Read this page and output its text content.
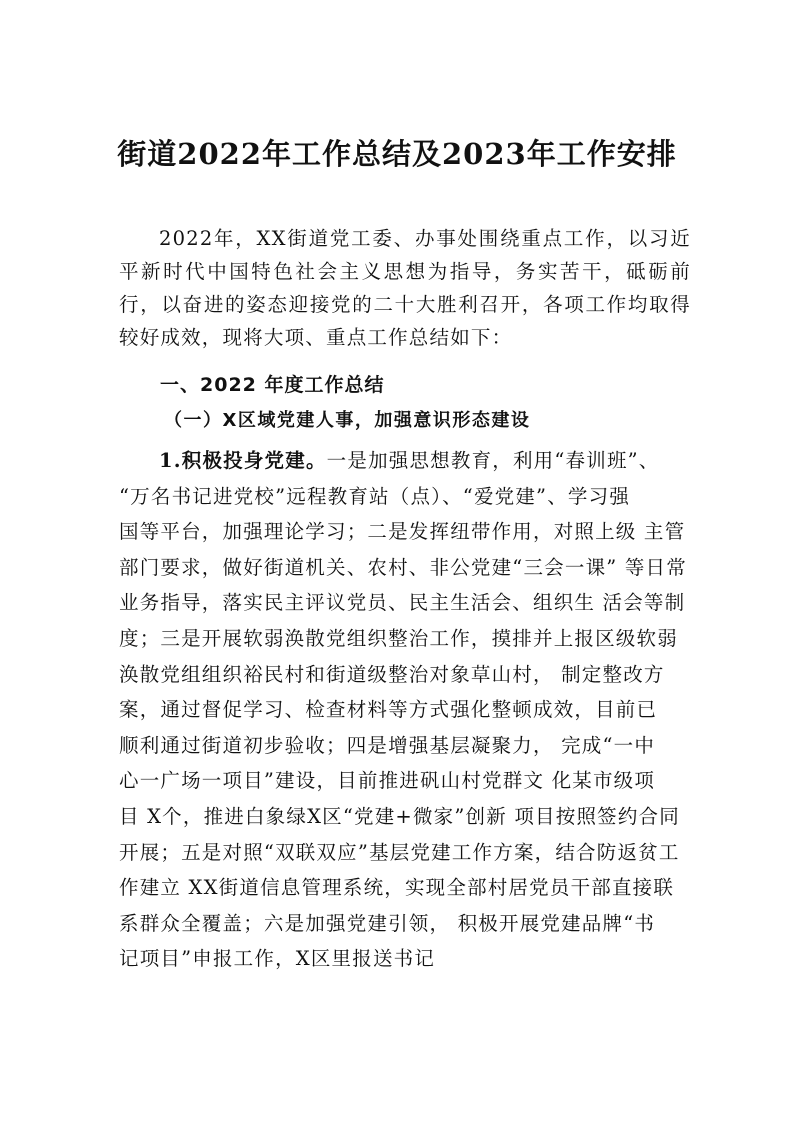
街道2022年工作总结及2023年工作安排

2022年，XX街道党工委、办事处围绕重点工作，以习近平新时代中国特色社会主义思想为指导，务实苦干，砥砺前行，以奋进的姿态迎接党的二十大胜利召开，各项工作均取得较好成效，现将大项、重点工作总结如下：

一、2022 年度工作总结
（一）X区域党建人事，加强意识形态建设
1.积极投身党建。一是加强思想教育，利用“春训班”、
“万名书记进党校”远程教育站（点）、“爱党建”、学习强
国等平台，加强理论学习；二是发挥纽带作用，对照上级 主管
部门要求，做好街道机关、农村、非公党建“三会一课” 等日常
业务指导，落实民主评议党员、民主生活会、组织生 活会等制
度；三是开展软弱涣散党组织整治工作，摸排并上报区级软弱
涣散党组组织裕民村和街道级整治对象草山村， 制定整改方
案，通过督促学习、检查材料等方式强化整顿成效，目前已
顺利通过街道初步验收；四是增强基层凝聚力， 完成“一中
心一广场一项目”建设，目前推进矾山村党群文 化某市级项
目 X个，推进白象绿X区“党建+微家”创新 项目按照签约合同
开展；五是对照“双联双应”基层党建工作方案，结合防返贫工
作建立 XX街道信息管理系统，实现全部村居党员干部直接联
系群众全覆盖；六是加强党建引领， 积极开展党建品牌“书
记项目”申报工作，X区里报送书记
